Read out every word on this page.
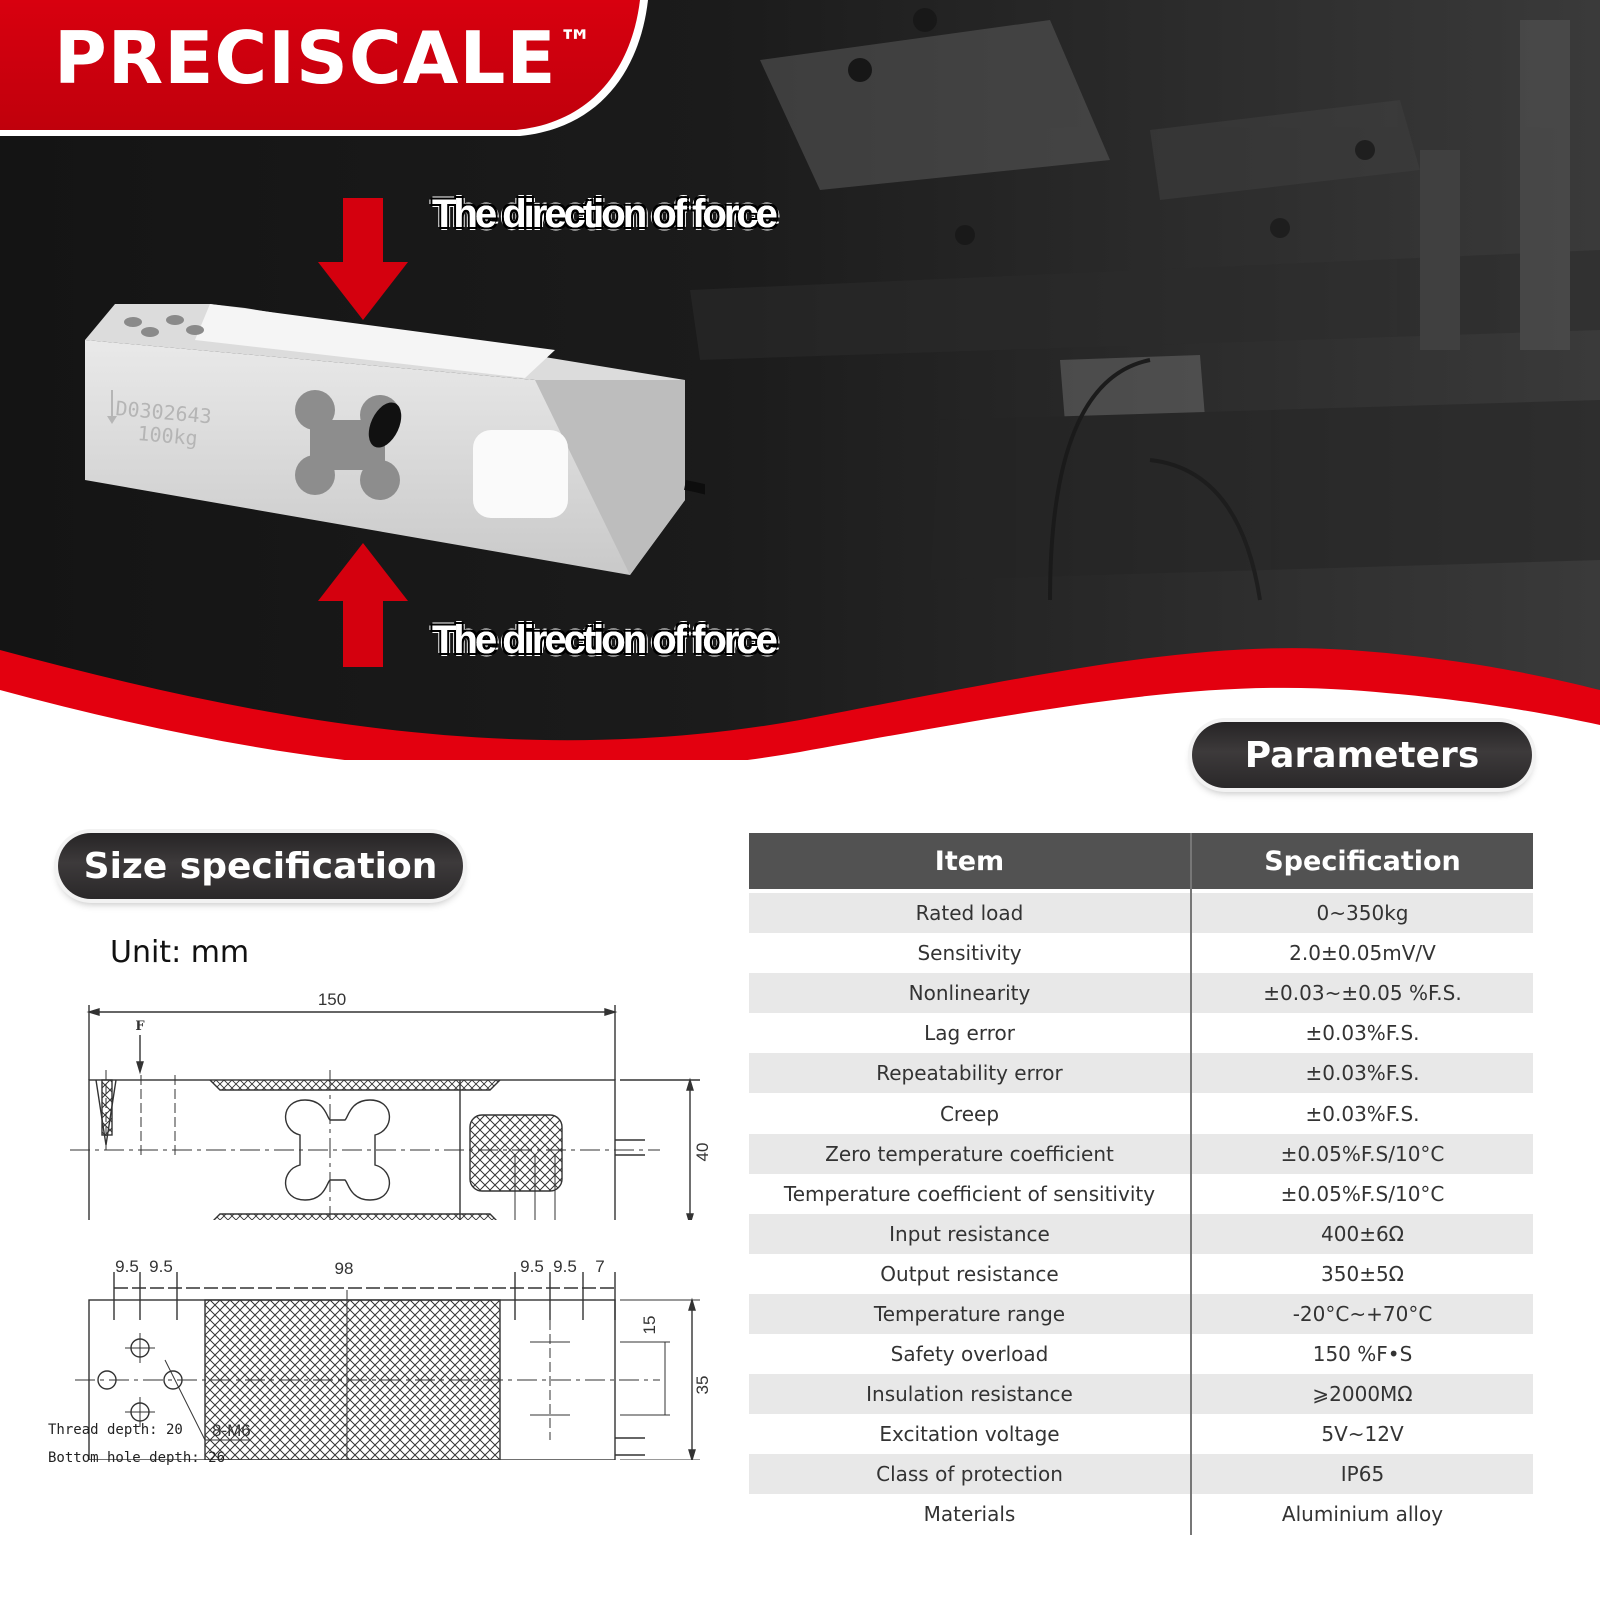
PRECISCALE™
D0302643
100kg
The direction of force
The direction of force
Parameters
Size specification
Unit: mm
Item	Specification

Rated load	0~350kg
Sensitivity	2.0±0.05mV/V
Nonlinearity	±0.03~±0.05 %F.S.
Lag error	±0.03%F.S.
Repeatability error	±0.03%F.S.
Creep	±0.03%F.S.
Zero temperature coefficient	±0.05%F.S/10°C
Temperature coefficient of sensitivity	±0.05%F.S/10°C
Input resistance	400±6Ω
Output resistance	350±5Ω
Temperature range	-20°C~+70°C
Safety overload	150 %F•S
Insulation resistance	⩾2000MΩ
Excitation voltage	5V~12V
Class of protection	IP65
Materials	Aluminium alloy
150
F
40
9.5 9.5	98	9.5 9.5 7
15
35
8-M6
Thread depth: 20
Bottom hole depth: 26
